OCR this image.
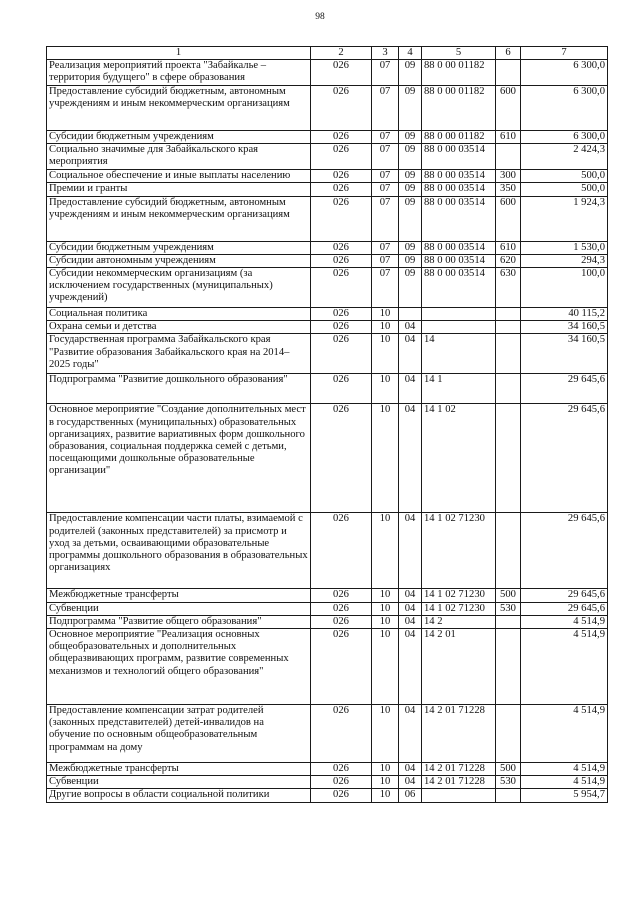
98
1	2	3	4	5	6	7
Реализация мероприятий проекта "Забайкалье – территория будущего" в сфере образования	026	07	09	88 0 00 01182		6 300,0
Предоставление субсидий бюджетным, автономным учреждениям и иным некоммерческим организациям	026	07	09	88 0 00 01182	600	6 300,0
Субсидии бюджетным учреждениям	026	07	09	88 0 00 01182	610	6 300,0
Социально значимые для Забайкальского края мероприятия	026	07	09	88 0 00 03514		2 424,3
Социальное обеспечение и иные выплаты населению	026	07	09	88 0 00 03514	300	500,0
Премии и гранты	026	07	09	88 0 00 03514	350	500,0
Предоставление субсидий бюджетным, автономным учреждениям и иным некоммерческим организациям	026	07	09	88 0 00 03514	600	1 924,3
Субсидии бюджетным учреждениям	026	07	09	88 0 00 03514	610	1 530,0
Субсидии автономным учреждениям	026	07	09	88 0 00 03514	620	294,3
Субсидии некоммерческим организациям (за исключением государственных (муниципальных) учреждений)	026	07	09	88 0 00 03514	630	100,0
Социальная политика	026	10				40 115,2
Охрана семьи и детства	026	10	04			34 160,5
Государственная программа Забайкальского края "Развитие образования Забайкальского края на 2014–2025 годы"	026	10	04	14		34 160,5
Подпрограмма "Развитие дошкольного образования"	026	10	04	14 1		29 645,6
Основное мероприятие "Создание дополнительных мест в государственных (муниципальных) образовательных организациях, развитие вариативных форм дошкольного образования, социальная поддержка семей с детьми, посещающими дошкольные образовательные организации"	026	10	04	14 1 02		29 645,6
Предоставление компенсации части платы, взимаемой с родителей (законных представителей) за присмотр и уход за детьми, осваивающими образовательные программы дошкольного образования в образовательных организациях	026	10	04	14 1 02 71230		29 645,6
Межбюджетные трансферты	026	10	04	14 1 02 71230	500	29 645,6
Субвенции	026	10	04	14 1 02 71230	530	29 645,6
Подпрограмма "Развитие общего образования"	026	10	04	14 2		4 514,9
Основное мероприятие "Реализация основных общеобразовательных и дополнительных общеразвивающих программ, развитие современных механизмов и технологий общего образования"	026	10	04	14 2 01		4 514,9
Предоставление компенсации затрат родителей (законных представителей) детей-инвалидов на обучение по основным общеобразовательным программам на дому	026	10	04	14 2 01 71228		4 514,9
Межбюджетные трансферты	026	10	04	14 2 01 71228	500	4 514,9
Субвенции	026	10	04	14 2 01 71228	530	4 514,9
Другие вопросы в области социальной политики	026	10	06			5 954,7
